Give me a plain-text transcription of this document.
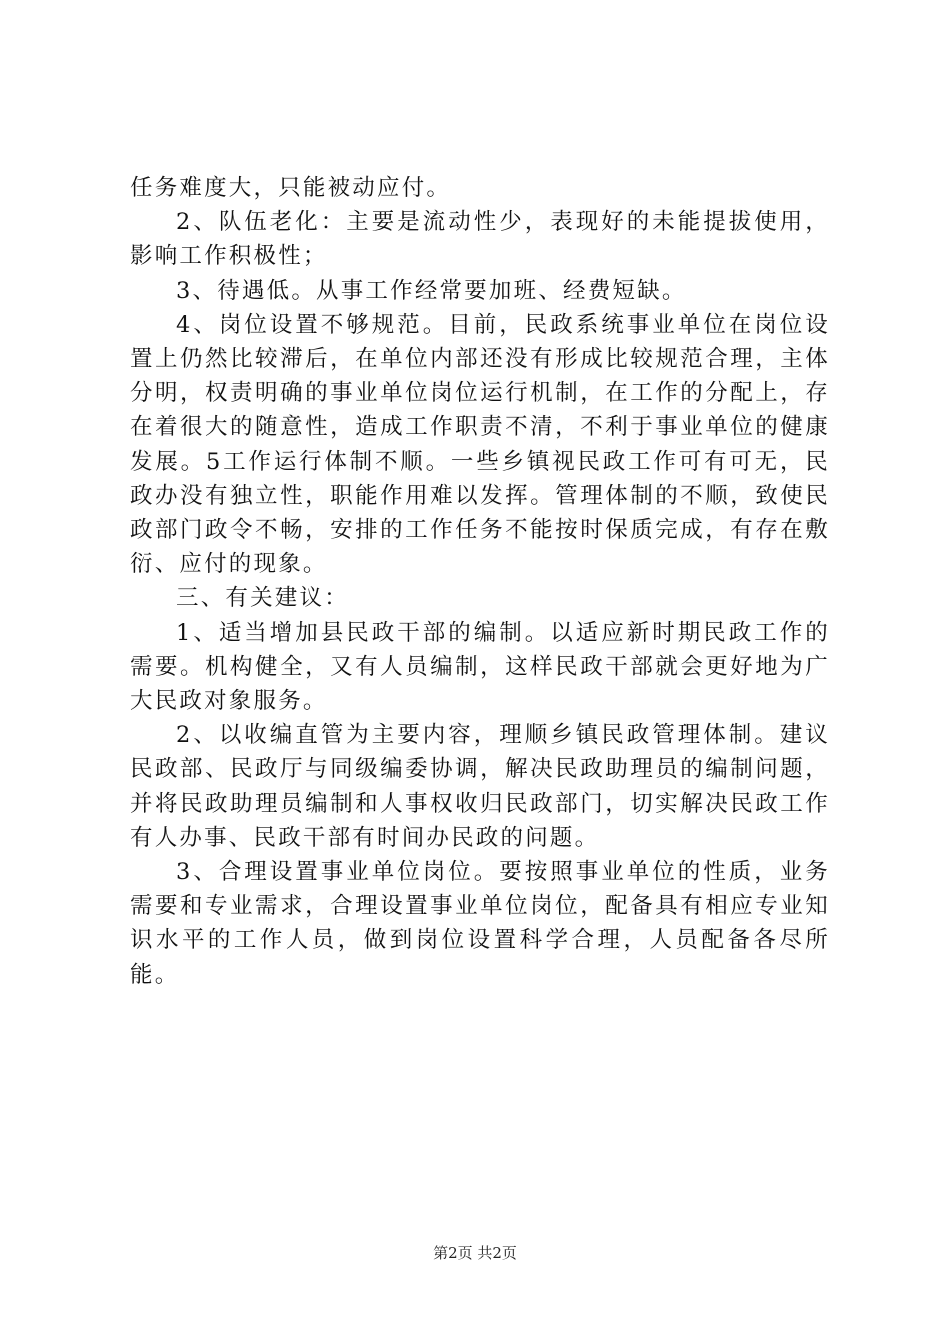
任务难度大，只能被动应付。

2、队伍老化：主要是流动性少，表现好的未能提拔使用，影响工作积极性；

3、待遇低。从事工作经常要加班、经费短缺。

4、岗位设置不够规范。目前，民政系统事业单位在岗位设置上仍然比较滞后，在单位内部还没有形成比较规范合理，主体分明，权责明确的事业单位岗位运行机制，在工作的分配上，存在着很大的随意性，造成工作职责不清，不利于事业单位的健康发展。5工作运行体制不顺。一些乡镇视民政工作可有可无，民政办没有独立性，职能作用难以发挥。管理体制的不顺，致使民政部门政令不畅，安排的工作任务不能按时保质完成，有存在敷衍、应付的现象。

三、有关建议：

1、适当增加县民政干部的编制。以适应新时期民政工作的需要。机构健全，又有人员编制，这样民政干部就会更好地为广大民政对象服务。

2、以收编直管为主要内容，理顺乡镇民政管理体制。建议民政部、民政厅与同级编委协调，解决民政助理员的编制问题，并将民政助理员编制和人事权收归民政部门，切实解决民政工作有人办事、民政干部有时间办民政的问题。

3、合理设置事业单位岗位。要按照事业单位的性质，业务需要和专业需求，合理设置事业单位岗位，配备具有相应专业知识水平的工作人员，做到岗位设置科学合理，人员配备各尽所能。

第2页 共2页
